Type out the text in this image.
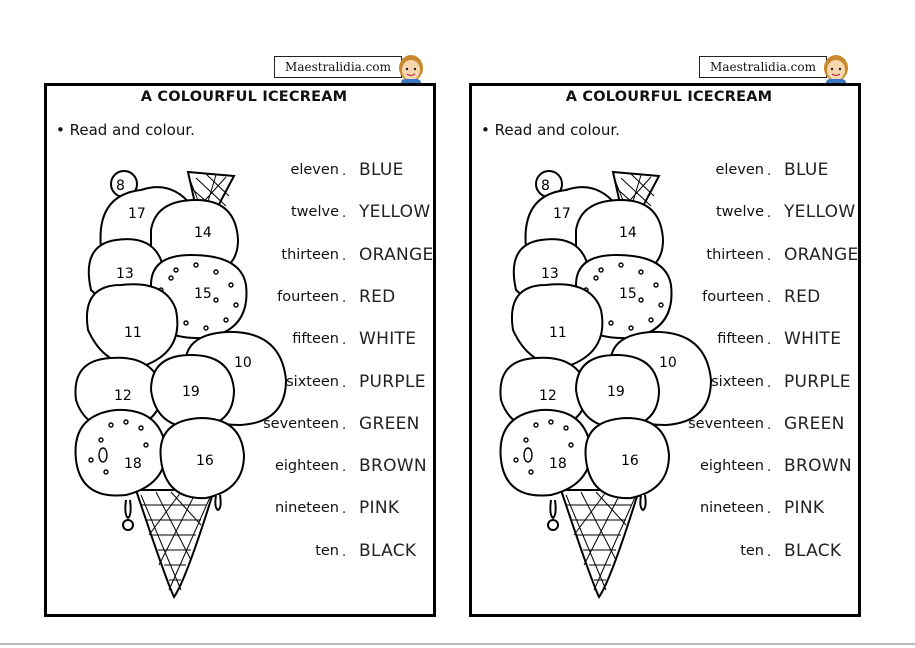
Maestralidia.com
A COLOURFUL ICECREAM
• Read and colour.
8
17
14
13
15
11
10
12	19
18	16
eleven . BLUE
twelve . YELLOW
thirteen . ORANGE
fourteen . RED
fifteen . WHITE
sixteen . PURPLE
seventeen . GREEN
eighteen . BROWN
nineteen . PINK
ten . BLACK
Maestralidia.com
A COLOURFUL ICECREAM
• Read and colour.
8
17
14
13
15
11
10
12	19
18	16
eleven . BLUE
twelve . YELLOW
thirteen . ORANGE
fourteen . RED
fifteen . WHITE
sixteen . PURPLE
seventeen . GREEN
eighteen . BROWN
nineteen . PINK
ten . BLACK
